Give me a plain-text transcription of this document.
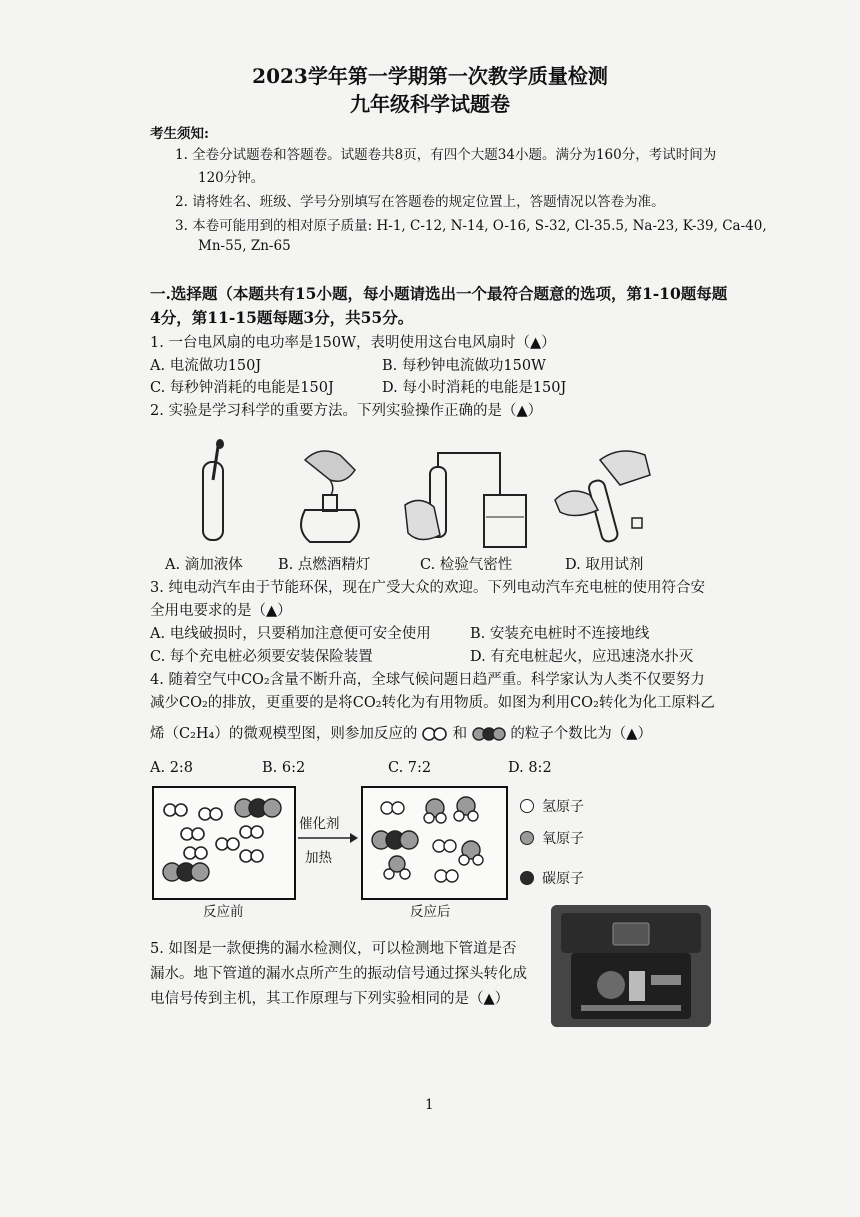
2023学年第一学期第一次教学质量检测
九年级科学试题卷
考生须知:
1. 全卷分试题卷和答题卷。试题卷共8页，有四个大题34小题。满分为160分，考试时间为
120分钟。
2. 请将姓名、班级、学号分别填写在答题卷的规定位置上，答题情况以答卷为准。
3. 本卷可能用到的相对原子质量: H-1, C-12, N-14, O-16, S-32, Cl-35.5, Na-23, K-39, Ca-40,
Mn-55, Zn-65
一.选择题（本题共有15小题，每小题请选出一个最符合题意的选项，第1-10题每题
4分，第11-15题每题3分，共55分。
1. 一台电风扇的电功率是150W，表明使用这台电风扇时（▲）
A. 电流做功150J	B. 每秒钟电流做功150W
C. 每秒钟消耗的电能是150J	D. 每小时消耗的电能是150J
2. 实验是学习科学的重要方法。下列实验操作正确的是（▲）
A. 滴加液体 B. 点燃酒精灯	C. 检验气密性	D. 取用试剂
3. 纯电动汽车由于节能环保，现在广受大众的欢迎。下列电动汽车充电桩的使用符合安
全用电要求的是（▲）
A. 电线破损时，只要稍加注意便可安全使用	B. 安装充电桩时不连接地线
C. 每个充电桩必须要安装保险装置	D. 有充电桩起火，应迅速浇水扑灭
4. 随着空气中CO₂含量不断升高，全球气候问题日趋严重。科学家认为人类不仅要努力
减少CO₂的排放，更重要的是将CO₂转化为有用物质。如图为利用CO₂转化为化工原料乙
烯（C₂H₄）的微观模型图，则参加反应的 和	的粒子个数比为（▲）
A. 2:8	B. 6:2	C. 7:2	D. 8:2
催化剂
加热
反应前	反应后
氢原子
氧原子
碳原子
5. 如图是一款便携的漏水检测仪，可以检测地下管道是否
漏水。地下管道的漏水点所产生的振动信号通过探头转化成
电信号传到主机，其工作原理与下列实验相同的是（▲）
1
